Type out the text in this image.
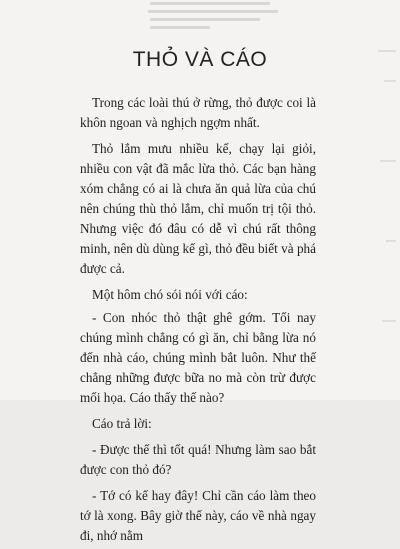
THỎ VÀ CÁO

Trong các loài thú ở rừng, thỏ được coi là khôn ngoan và nghịch ngợm nhất.

Thỏ lắm mưu nhiều kế, chạy lại giỏi, nhiều con vật đã mắc lừa thỏ. Các bạn hàng xóm chẳng có ai là chưa ăn quả lừa của chú nên chúng thù thỏ lắm, chỉ muốn trị tội thỏ. Nhưng việc đó đâu có dễ vì chú rất thông minh, nên dù dùng kế gì, thỏ đều biết và phá được cả.

Một hôm chó sói nói với cáo:

- Con nhóc thỏ thật ghê gớm. Tối nay chúng mình chẳng có gì ăn, chỉ bằng lừa nó đến nhà cáo, chúng mình bắt luôn. Như thế chẳng những được bữa no mà còn trừ được mối họa. Cáo thấy thế nào?

Cáo trả lời:

- Được thế thì tốt quá! Nhưng làm sao bắt được con thỏ đó?

- Tớ có kế hay đây! Chỉ cần cáo làm theo tớ là xong. Bây giờ thế này, cáo về nhà ngay đi, nhớ nằm
